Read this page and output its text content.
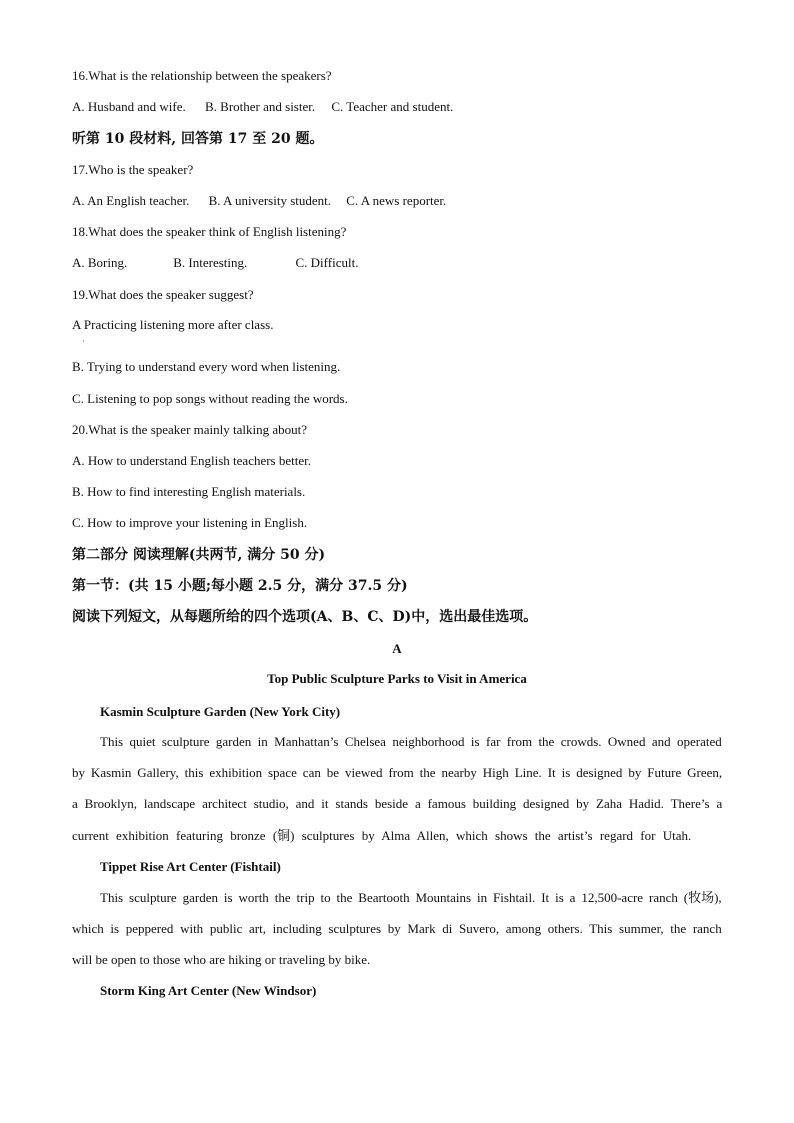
16.What is the relationship between the speakers?
A. Husband and wife. B. Brother and sister. C. Teacher and student.
听第 10 段材料, 回答第 17 至 20 题。
17.Who is the speaker?
A. An English teacher. B. A university student. C. A news reporter.
18.What does the speaker think of English listening?
A. Boring.	B. Interesting.	C. Difficult.
19.What does the speaker suggest?
A Practicing listening more after class.
·
B. Trying to understand every word when listening.
C. Listening to pop songs without reading the words.
20.What is the speaker mainly talking about?
A. How to understand English teachers better.
B. How to find interesting English materials.
C. How to improve your listening in English.
第二部分 阅读理解(共两节, 满分 50 分)
第一节：(共 15 小题;每小题 2.5 分，满分 37.5 分)
阅读下列短文，从每题所给的四个选项(A、B、C、D)中，选出最佳选项。
A
Top Public Sculpture Parks to Visit in America
Kasmin Sculpture Garden (New York City)
This quiet sculpture garden in Manhattan’s Chelsea neighborhood is far from the crowds. Owned and operated
by Kasmin Gallery, this exhibition space can be viewed from the nearby High Line. It is designed by Future Green,
a Brooklyn, landscape architect studio, and it stands beside a famous building designed by Zaha Hadid. There’s a
current exhibition featuring bronze (铜) sculptures by Alma Allen, which shows the artist’s regard for Utah.
Tippet Rise Art Center (Fishtail)
This sculpture garden is worth the trip to the Beartooth Mountains in Fishtail. It is a 12,500-acre ranch (牧场),
which is peppered with public art, including sculptures by Mark di Suvero, among others. This summer, the ranch
will be open to those who are hiking or traveling by bike.
Storm King Art Center (New Windsor)
